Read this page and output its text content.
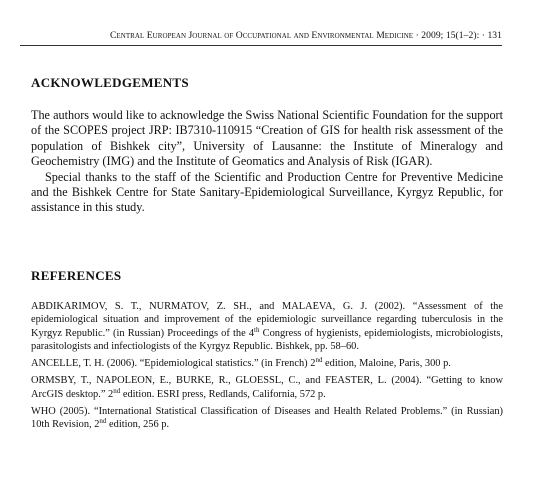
Central European Journal of Occupational and Environmental Medicine · 2009; 15(1–2): · 131
ACKNOWLEDGEMENTS

The authors would like to acknowledge the Swiss National Scientific Foundation for the support of the SCOPES project JRP: IB7310-110915 “Creation of GIS for health risk assessment of the population of Bishkek city”, University of Lausanne: the Institute of Mineralogy and Geochemistry (IMG) and the Institute of Geomatics and Analysis of Risk (IGAR).

Special thanks to the staff of the Scientific and Production Centre for Preventive Medicine and the Bishkek Centre for State Sanitary-Epidemiological Surveillance, Kyrgyz Republic, for assistance in this study.

REFERENCES

ABDIKARIMOV, S. T., NURMATOV, Z. SH., and MALAEVA, G. J. (2002). “Assessment of the epidemiological situation and improvement of the epidemiologic surveillance regarding tuberculosis in the Kyrgyz Republic.” (in Russian) Proceedings of the 4th Congress of hygienists, epidemiologists, microbiologists, parasitologists and infectiologists of the Kyrgyz Republic. Bishkek, pp. 58–60.

ANCELLE, T. H. (2006). “Epidemiological statistics.” (in French) 2nd edition, Maloine, Paris, 300 p.

ORMSBY, T., NAPOLEON, E., BURKE, R., GLOESSL, C., and FEASTER, L. (2004). “Getting to know ArcGIS desktop.” 2nd edition. ESRI press, Redlands, California, 572 p.

WHO (2005). “International Statistical Classification of Diseases and Health Related Problems.” (in Russian) 10th Revision, 2nd edition, 256 p.
